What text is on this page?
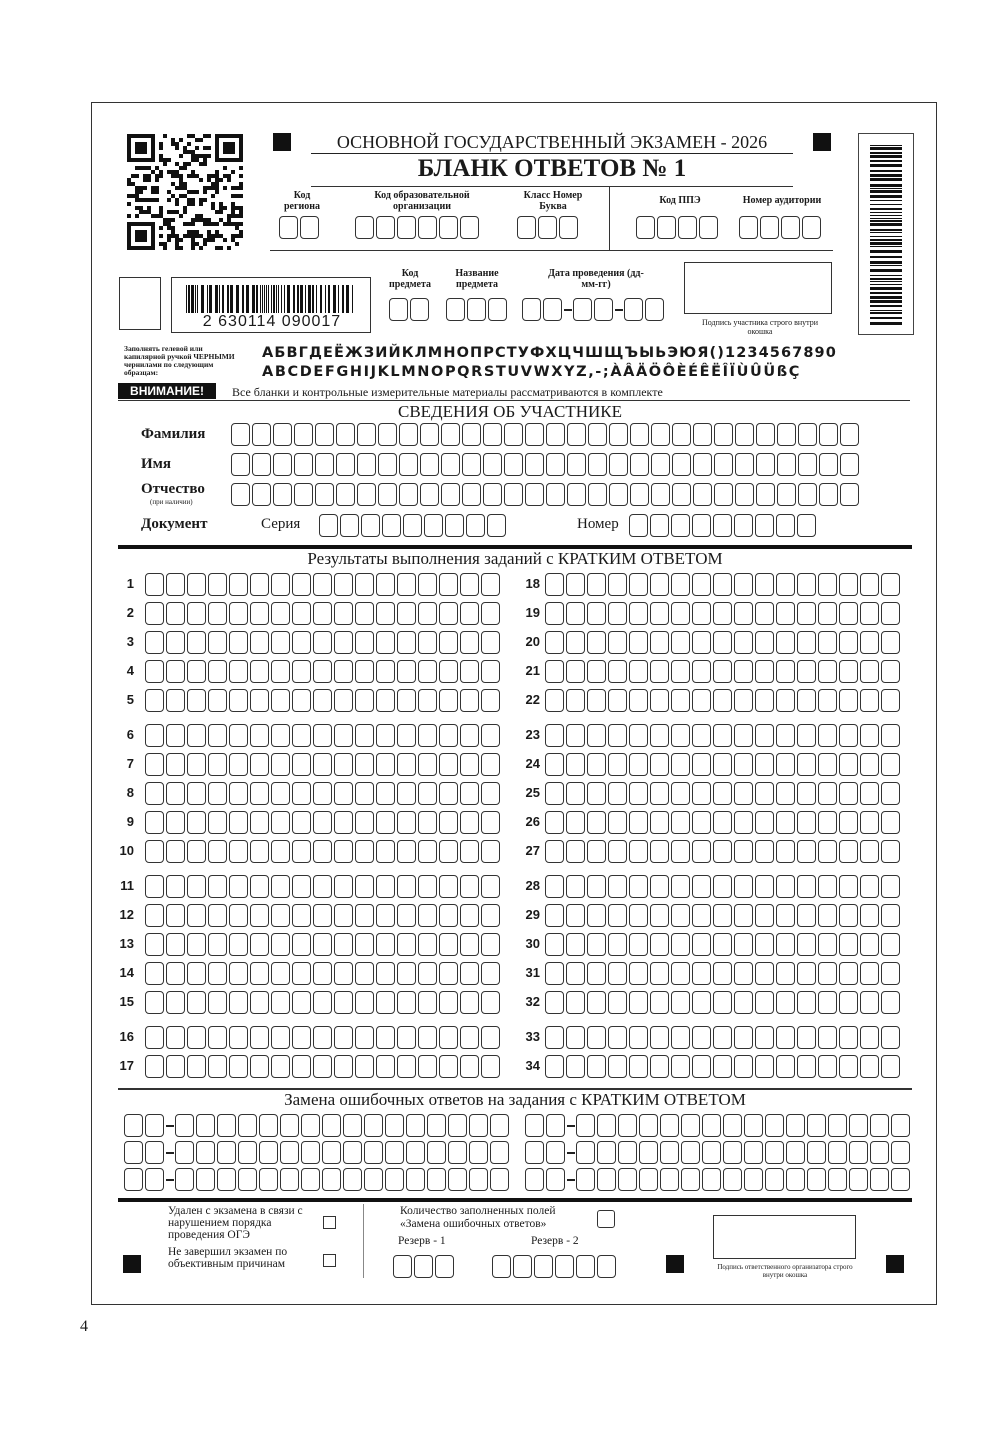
ОСНОВНОЙ ГОСУДАРСТВЕННЫЙ ЭКЗАМЕН - 2026
БЛАНК ОТВЕТОВ № 1
Код региона
Код образовательной организации
Класс Номер Буква
Код ППЭ	Номер аудитории
2 630114 090017
Код предмета
Название предмета
Дата проведения (дд-мм-гг)
Подпись участника строго внутри окошка
Заполнять гелевой или капилярной ручкой ЧЕРНЫМИ чернилами по следующим образцам:
АБВГДЕЁЖЗИЙКЛМНОПРСТУФХЦЧШЩЪЫЬЭЮЯ()1234567890
ABCDEFGHIJKLMNOPQRSTUVWXYZ,-;ÀÂÄÖÔÈÉÊËÎÏÙÛÜßÇ
ВНИМАНИЕ!	Все бланки и контрольные измерительные материалы рассматриваются в комплекте
СВЕДЕНИЯ ОБ УЧАСТНИКЕ
Фамилия
Имя
Отчество
(при наличии)
Документ	Серия	Номер
Результаты выполнения заданий с КРАТКИМ ОТВЕТОМ
1
2
3
4
5
6
7
8
9
10
11
12
13
14
15
16
17
18
19
20
21
22
23
24
25
26
27
28
29
30
31
32
33
34
Замена ошибочных ответов на задания с КРАТКИМ ОТВЕТОМ
Удален с экзамена в связи с нарушением порядка проведения ОГЭ
Не завершил экзамен по объективным причинам
Количество заполненных полей «Замена ошибочных ответов»
Резерв - 1	Резерв - 2
Подпись ответственного организатора строго внутри окошка
4
